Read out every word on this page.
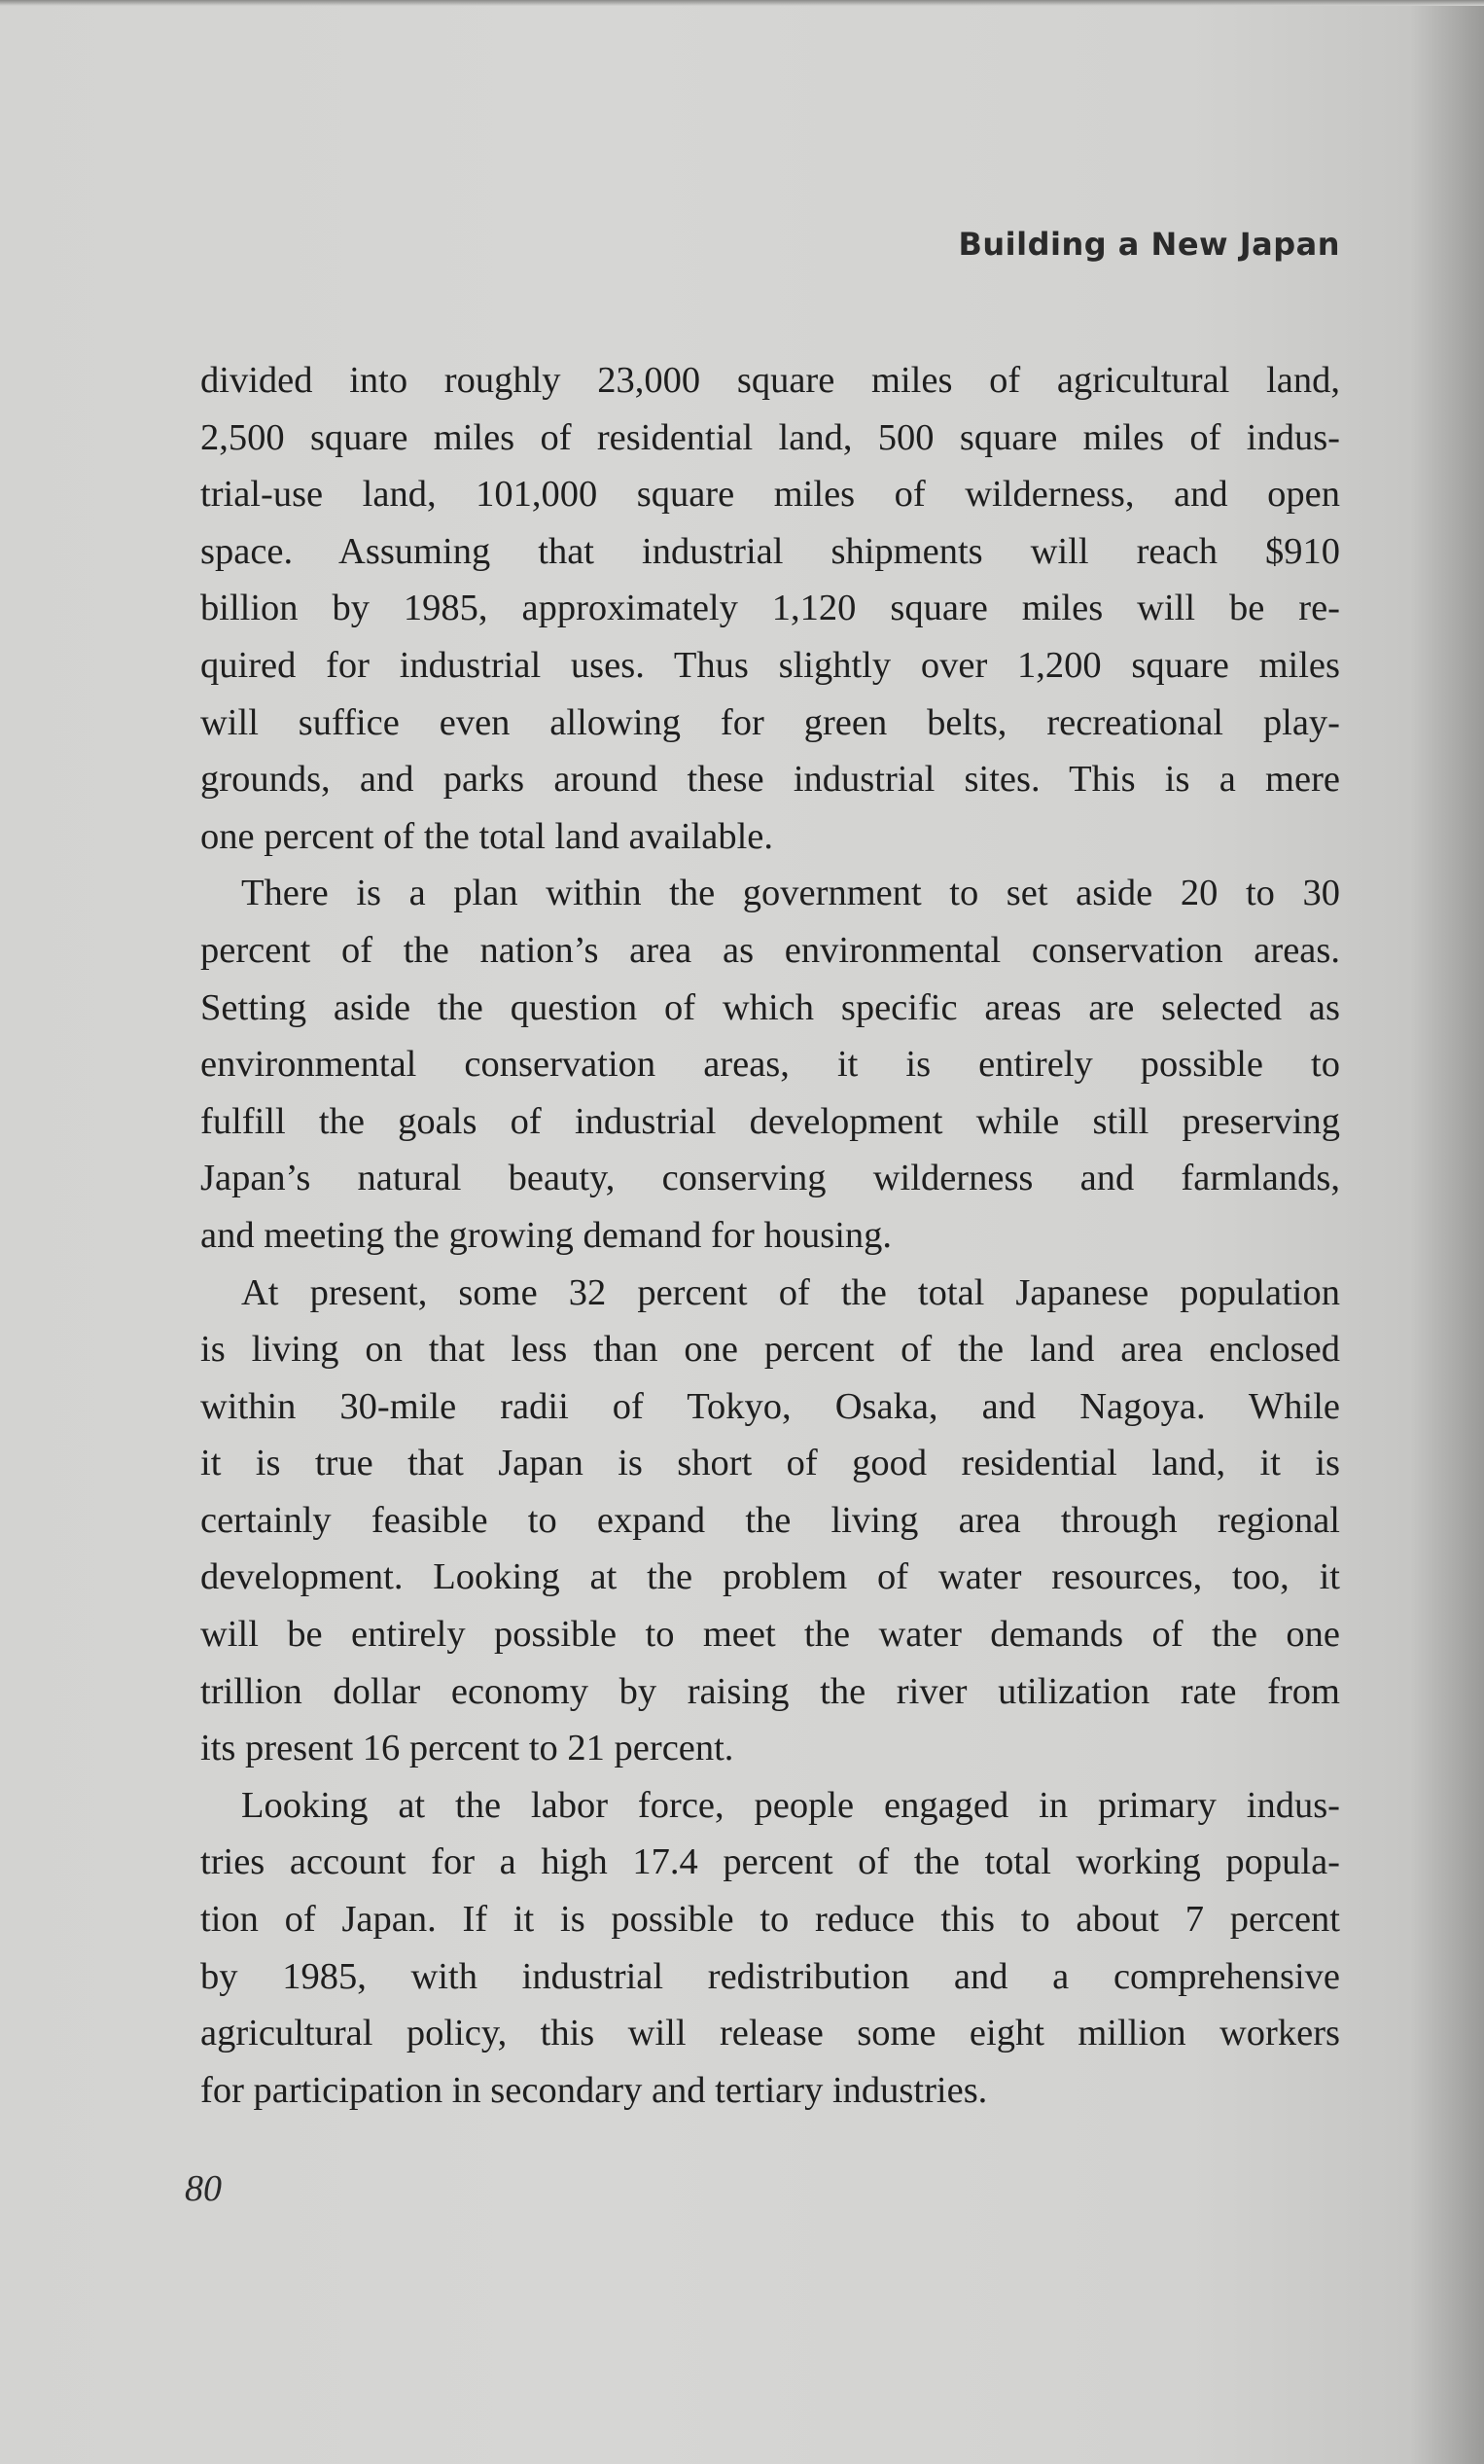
Building a New Japan
divided into roughly 23,000 square miles of agricultural land,
2,500 square miles of residential land, 500 square miles of indus-
trial-use land, 101,000 square miles of wilderness, and open
space. Assuming that industrial shipments will reach $910
billion by 1985, approximately 1,120 square miles will be re-
quired for industrial uses. Thus slightly over 1,200 square miles
will suffice even allowing for green belts, recreational play-
grounds, and parks around these industrial sites. This is a mere
one percent of the total land available.
There is a plan within the government to set aside 20 to 30
percent of the nation’s area as environmental conservation areas.
Setting aside the question of which specific areas are selected as
environmental conservation areas, it is entirely possible to
fulfill the goals of industrial development while still preserving
Japan’s natural beauty, conserving wilderness and farmlands,
and meeting the growing demand for housing.
At present, some 32 percent of the total Japanese population
is living on that less than one percent of the land area enclosed
within 30-mile radii of Tokyo, Osaka, and Nagoya. While
it is true that Japan is short of good residential land, it is
certainly feasible to expand the living area through regional
development. Looking at the problem of water resources, too, it
will be entirely possible to meet the water demands of the one
trillion dollar economy by raising the river utilization rate from
its present 16 percent to 21 percent.
Looking at the labor force, people engaged in primary indus-
tries account for a high 17.4 percent of the total working popula-
tion of Japan. If it is possible to reduce this to about 7 percent
by 1985, with industrial redistribution and a comprehensive
agricultural policy, this will release some eight million workers
for participation in secondary and tertiary industries.
80
